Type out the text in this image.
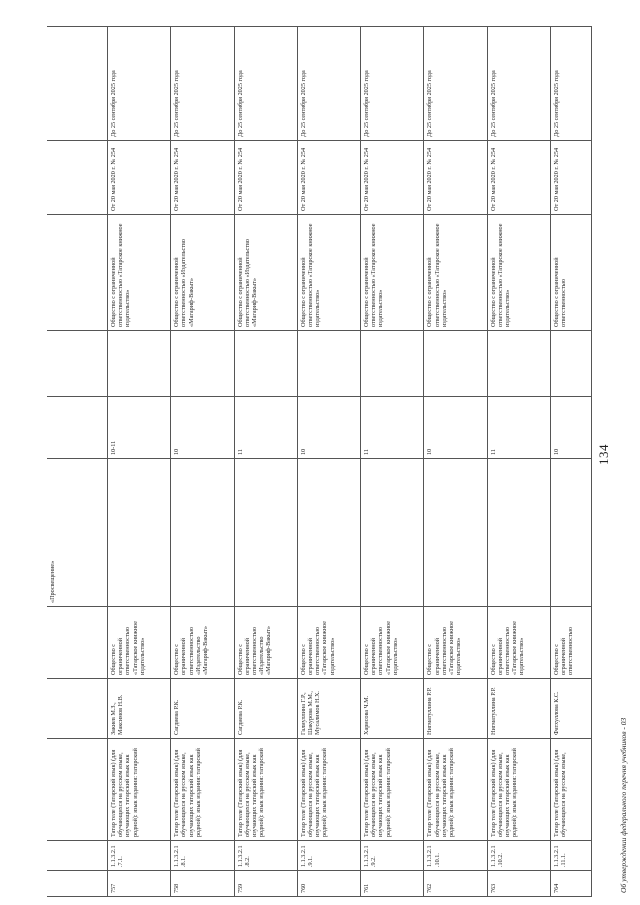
					«Просвещение»					

757	1.1.3.2.1.7.1.	Татар теле (Татарский язык) (для обучающихся на русском языке, изучающих татарский язык как родной): язык издания: татарский	Закиев М.З., Максимов Н.В.	Общество с ограниченной ответственностью «Татарское книжное издательство»		10-11		Общество с ограниченной ответственностью «Татарское книжное издательство»	От 20 мая 2020 г. № 254	До 25 сентября 2025 года

758	1.1.3.2.1.8.1.	Татар теле (Татарский язык) (для обучающихся на русском языке, изучающих татарский язык как родной): язык издания: татарский	Сагдиева Р.К.	Общество с ограниченной ответственностью «Издательство «Магариф-Вакыт»		10		Общество с ограниченной ответственностью «Издательство «Магариф-Вакыт»	От 20 мая 2020 г. № 254	До 25 сентября 2025 года

759	1.1.3.2.1.8.2.	Татар теле (Татарский язык) (для обучающихся на русском языке, изучающих татарский язык как родной): язык издания: татарский	Сагдиева Р.К.	Общество с ограниченной ответственностью «Издательство «Магариф-Вакыт»		11		Общество с ограниченной ответственностью «Издательство «Магариф-Вакыт»	От 20 мая 2020 г. № 254	До 25 сентября 2025 года

760	1.1.3.2.1.9.1.	Татар теле (Татарский язык) (для обучающихся на русском языке, изучающих татарский язык как родной): язык издания: татарский	Галиуллина Г.Р., Шакурова М.М., Мусалимов Н.Х.	Общество с ограниченной ответственностью «Татарское книжное издательство»		10		Общество с ограниченной ответственностью «Татарское книжное издательство»	От 20 мая 2020 г. № 254	До 25 сентября 2025 года

761	1.1.3.2.1.9.2.	Татар теле (Татарский язык) (для обучающихся на русском языке, изучающих татарский язык как родной): язык издания: татарский	Харисова Ч.М.	Общество с ограниченной ответственностью «Татарское книжное издательство»		11		Общество с ограниченной ответственностью «Татарское книжное издательство»	От 20 мая 2020 г. № 254	До 25 сентября 2025 года

762	1.1.3.2.1.10.1.	Татар теле (Татарский язык) (для обучающихся на русском языке, изучающих татарский язык как родной): язык издания: татарский	Нигматуллина Р.Р.	Общество с ограниченной ответственностью «Татарское книжное издательство»		10		Общество с ограниченной ответственностью «Татарское книжное издательство»	От 20 мая 2020 г. № 254	До 25 сентября 2025 года

763	1.1.3.2.1.10.2.	Татар теле (Татарский язык) (для обучающихся на русском языке, изучающих татарский язык как родной): язык издания: татарский	Нигматуллина Р.Р.	Общество с ограниченной ответственностью «Татарское книжное издательство»		11		Общество с ограниченной ответственностью «Татарское книжное издательство»	От 20 мая 2020 г. № 254	До 25 сентября 2025 года

764	1.1.3.2.1.11.1.	Татар теле (Татарский язык) (для обучающихся на русском языке,	Фатхуллова К.С.	Общество с ограниченной ответственностью		10		Общество с ограниченной ответственностью	От 20 мая 2020 г. № 254	До 25 сентября 2025 года
134
Об утверждении федерального перечня учебников - 03
